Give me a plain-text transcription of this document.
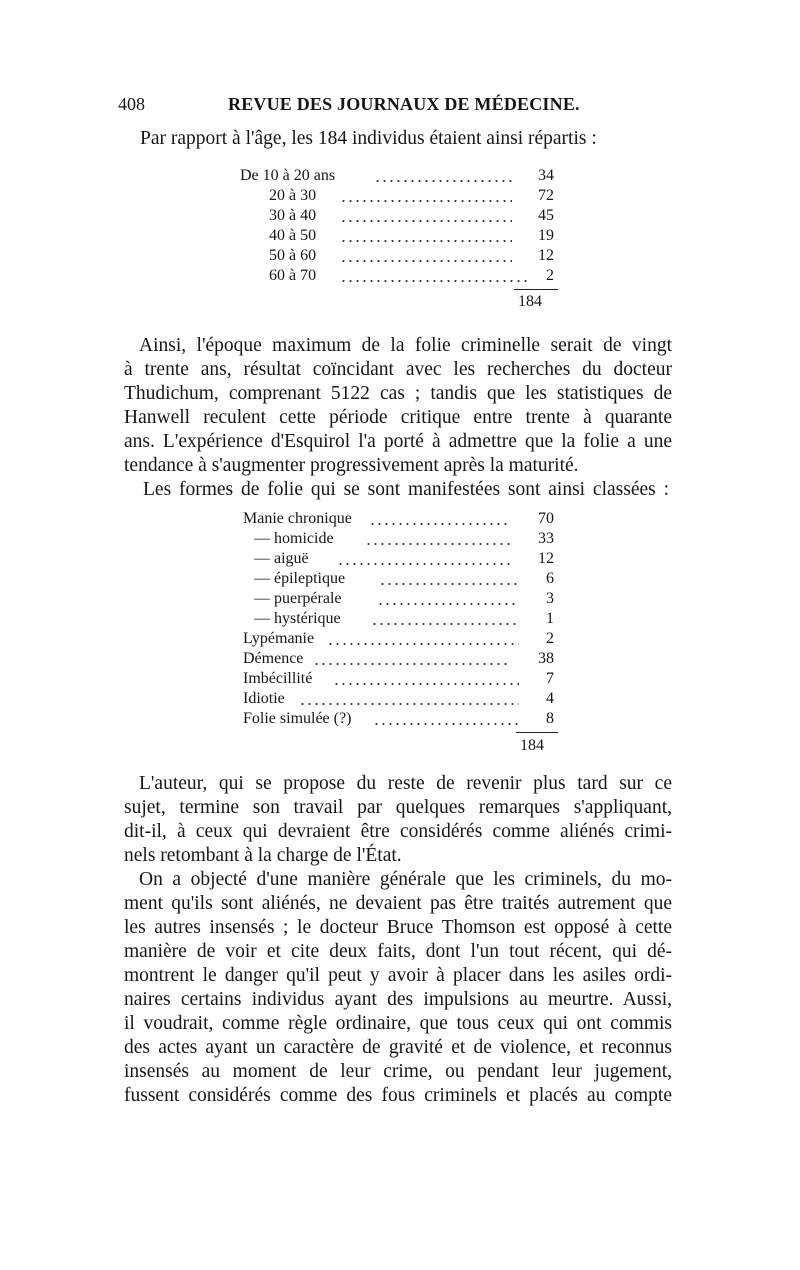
408	REVUE DES JOURNAUX DE MÉDECINE.
Par rapport à l'âge, les 184 individus étaient ainsi répartis :
De 10 à 20 ans	34
20 à 30	72
30 à 40	45
40 à 50	19
50 à 60	12
60 à 70	2
184
Ainsi, l'époque maximum de la folie criminelle serait de vingt
à trente ans, résultat coïncidant avec les recherches du docteur
Thudichum, comprenant 5122 cas ; tandis que les statistiques de
Hanwell reculent cette période critique entre trente à quarante
ans. L'expérience d'Esquirol l'a porté à admettre que la folie a une
tendance à s'augmenter progressivement après la maturité.
Les formes de folie qui se sont manifestées sont ainsi classées :
Manie chronique	70
— homicide	33
— aiguë	12
— épileptique	6
— puerpérale	3
— hystérique	1
Lypémanie	2
Démence	38
Imbécillité	7
Idiotie	4
Folie simulée (?)	8
184
L'auteur, qui se propose du reste de revenir plus tard sur ce
sujet, termine son travail par quelques remarques s'appliquant,
dit-il, à ceux qui devraient être considérés comme aliénés crimi-
nels retombant à la charge de l'État.
On a objecté d'une manière générale que les criminels, du mo-
ment qu'ils sont aliénés, ne devaient pas être traités autrement que
les autres insensés ; le docteur Bruce Thomson est opposé à cette
manière de voir et cite deux faits, dont l'un tout récent, qui dé-
montrent le danger qu'il peut y avoir à placer dans les asiles ordi-
naires certains individus ayant des impulsions au meurtre. Aussi,
il voudrait, comme règle ordinaire, que tous ceux qui ont commis
des actes ayant un caractère de gravité et de violence, et reconnus
insensés au moment de leur crime, ou pendant leur jugement,
fussent considérés comme des fous criminels et placés au compte
